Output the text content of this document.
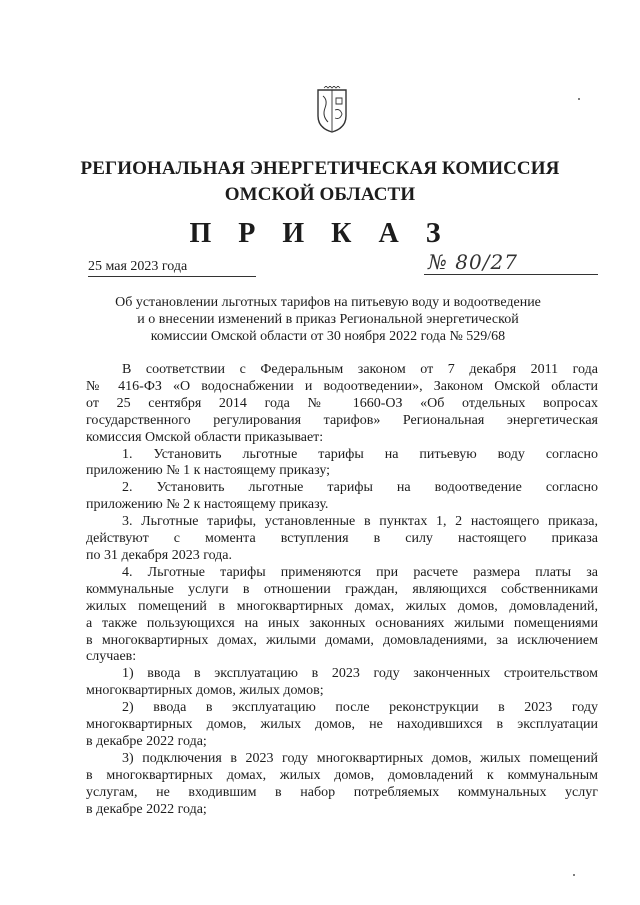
РЕГИОНАЛЬНАЯ ЭНЕРГЕТИЧЕСКАЯ КОМИССИЯ
ОМСКОЙ ОБЛАСТИ
П Р И К А З
25 мая 2023 года	№ 80/27
Об установлении льготных тарифов на питьевую воду и водоотведение
и о внесении изменений в приказ Региональной энергетической
комиссии Омской области от 30 ноября 2022 года № 529/68
В соответствии с Федеральным законом от 7 декабря 2011 года
№ 416-ФЗ «О водоснабжении и водоотведении», Законом Омской области
от 25 сентября 2014 года № 1660-ОЗ «Об отдельных вопросах
государственного регулирования тарифов» Региональная энергетическая
комиссия Омской области приказывает:
1. Установить льготные тарифы на питьевую воду согласно
приложению № 1 к настоящему приказу;
2. Установить льготные тарифы на водоотведение согласно
приложению № 2 к настоящему приказу.
3. Льготные тарифы, установленные в пунктах 1, 2 настоящего приказа,
действуют с момента вступления в силу настоящего приказа
по 31 декабря 2023 года.
4. Льготные тарифы применяются при расчете размера платы за
коммунальные услуги в отношении граждан, являющихся собственниками
жилых помещений в многоквартирных домах, жилых домов, домовладений,
а также пользующихся на иных законных основаниях жилыми помещениями
в многоквартирных домах, жилыми домами, домовладениями, за исключением
случаев:
1) ввода в эксплуатацию в 2023 году законченных строительством
многоквартирных домов, жилых домов;
2) ввода в эксплуатацию после реконструкции в 2023 году
многоквартирных домов, жилых домов, не находившихся в эксплуатации
в декабре 2022 года;
3) подключения в 2023 году многоквартирных домов, жилых помещений
в многоквартирных домах, жилых домов, домовладений к коммунальным
услугам, не входившим в набор потребляемых коммунальных услуг
в декабре 2022 года;
